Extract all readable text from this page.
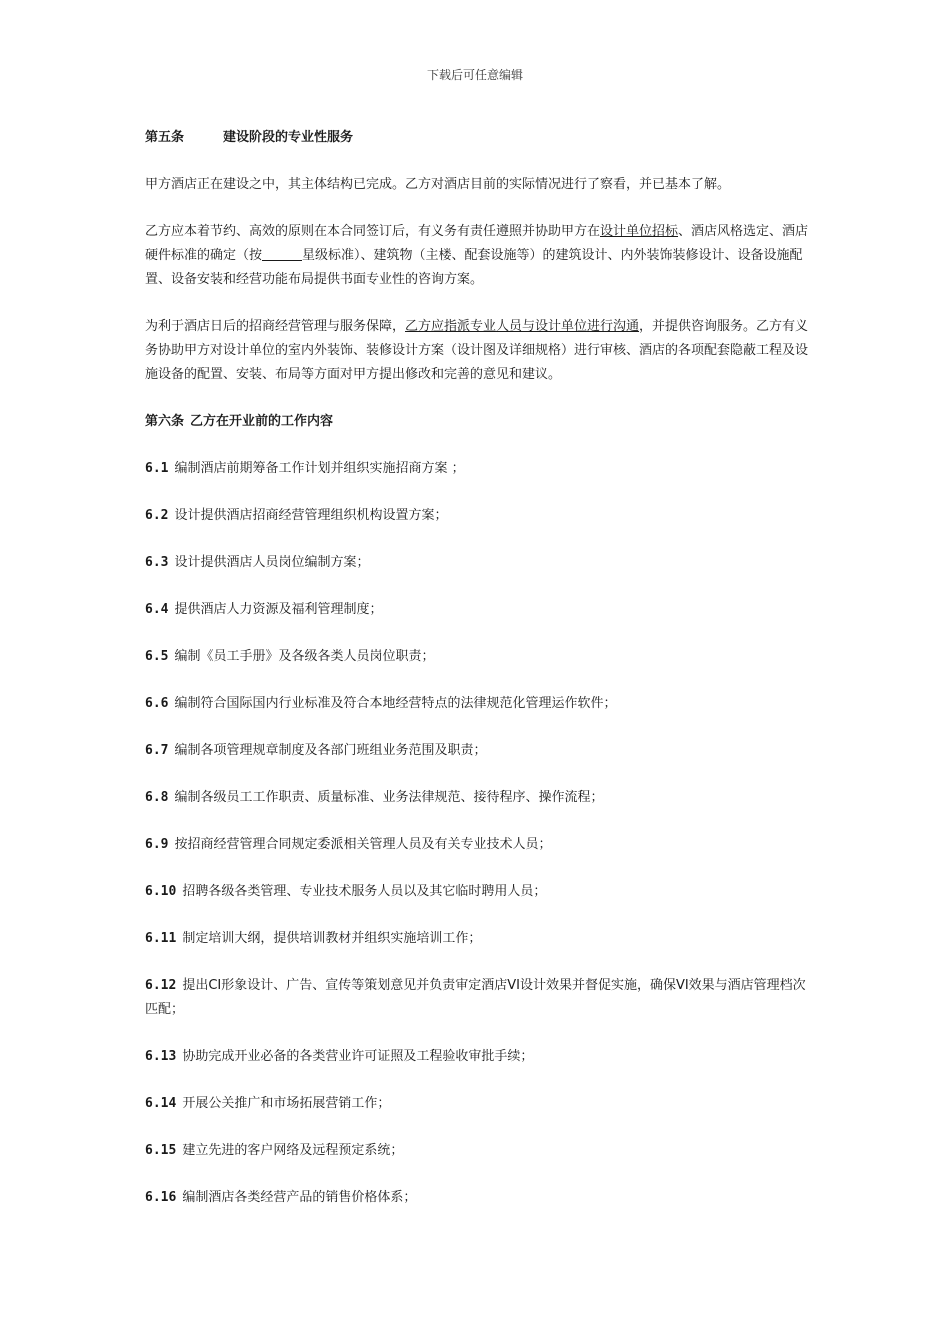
下载后可任意编辑
第五条	建设阶段的专业性服务
甲方酒店正在建设之中，其主体结构已完成。乙方对酒店目前的实际情况进行了察看，并已基本了解。
乙方应本着节约、高效的原则在本合同签订后，有义务有责任遵照并协助甲方在设计单位招标、酒店风格选定、酒店硬件标准的确定（按	星级标准）、建筑物（主楼、配套设施等）的建筑设计、内外装饰装修设计、设备设施配置、设备安装和经营功能布局提供书面专业性的咨询方案。
为利于酒店日后的招商经营管理与服务保障，乙方应指派专业人员与设计单位进行沟通，并提供咨询服务。乙方有义务协助甲方对设计单位的室内外装饰、装修设计方案（设计图及详细规格）进行审核、酒店的各项配套隐蔽工程及设施设备的配置、安装、布局等方面对甲方提出修改和完善的意见和建议。
第六条 乙方在开业前的工作内容
6.1 编制酒店前期筹备工作计划并组织实施招商方案 ；
6.2 设计提供酒店招商经营管理组织机构设置方案；
6.3 设计提供酒店人员岗位编制方案；
6.4 提供酒店人力资源及福利管理制度；
6.5 编制《员工手册》及各级各类人员岗位职责；
6.6 编制符合国际国内行业标准及符合本地经营特点的法律规范化管理运作软件；
6.7 编制各项管理规章制度及各部门班组业务范围及职责；
6.8 编制各级员工工作职责、质量标准、业务法律规范、接待程序、操作流程；
6.9 按招商经营管理合同规定委派相关管理人员及有关专业技术人员；
6.10 招聘各级各类管理、专业技术服务人员以及其它临时聘用人员；
6.11 制定培训大纲，提供培训教材并组织实施培训工作；
6.12 提出CI形象设计、广告、宣传等策划意见并负责审定酒店VI设计效果并督促实施，确保VI效果与酒店管理档次匹配；
6.13 协助完成开业必备的各类营业许可证照及工程验收审批手续；
6.14 开展公关推广和市场拓展营销工作；
6.15 建立先进的客户网络及远程预定系统；
6.16 编制酒店各类经营产品的销售价格体系；
